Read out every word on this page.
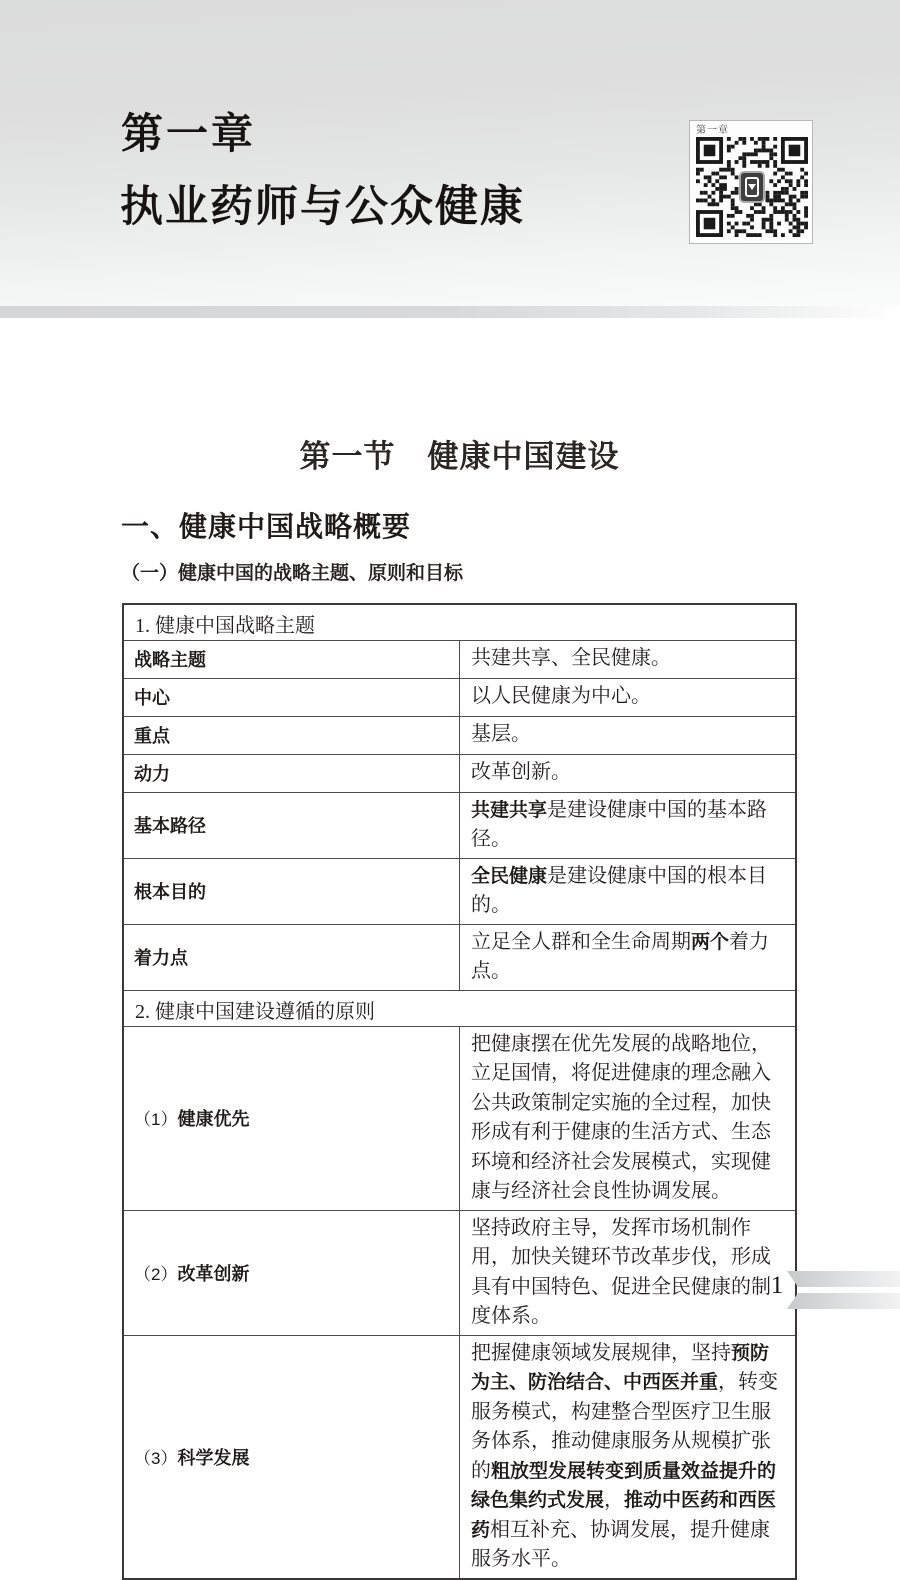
第一章
执业药师与公众健康
第一章
第一节　健康中国建设
一、健康中国战略概要
（一）健康中国的战略主题、原则和目标
1. 健康中国战略主题	
战略主题	共建共享、全民健康。
中心	以人民健康为中心。
重点	基层。
动力	改革创新。
基本路径	共建共享是建设健康中国的基本路径。
根本目的	全民健康是建设健康中国的根本目的。
着力点	立足全人群和全生命周期两个着力点。
2. 健康中国建设遵循的原则	
（1）健康优先	把健康摆在优先发展的战略地位，立足国情，将促进健康的理念融入公共政策制定实施的全过程，加快形成有利于健康的生活方式、生态环境和经济社会发展模式，实现健康与经济社会良性协调发展。
（2）改革创新	坚持政府主导，发挥市场机制作用，加快关键环节改革步伐，形成具有中国特色、促进全民健康的制度体系。
（3）科学发展	把握健康领域发展规律，坚持预防为主、防治结合、中西医并重，转变服务模式，构建整合型医疗卫生服务体系，推动健康服务从规模扩张的粗放型发展转变到质量效益提升的绿色集约式发展，推动中医药和西医药相互补充、协调发展，提升健康服务水平。
1
